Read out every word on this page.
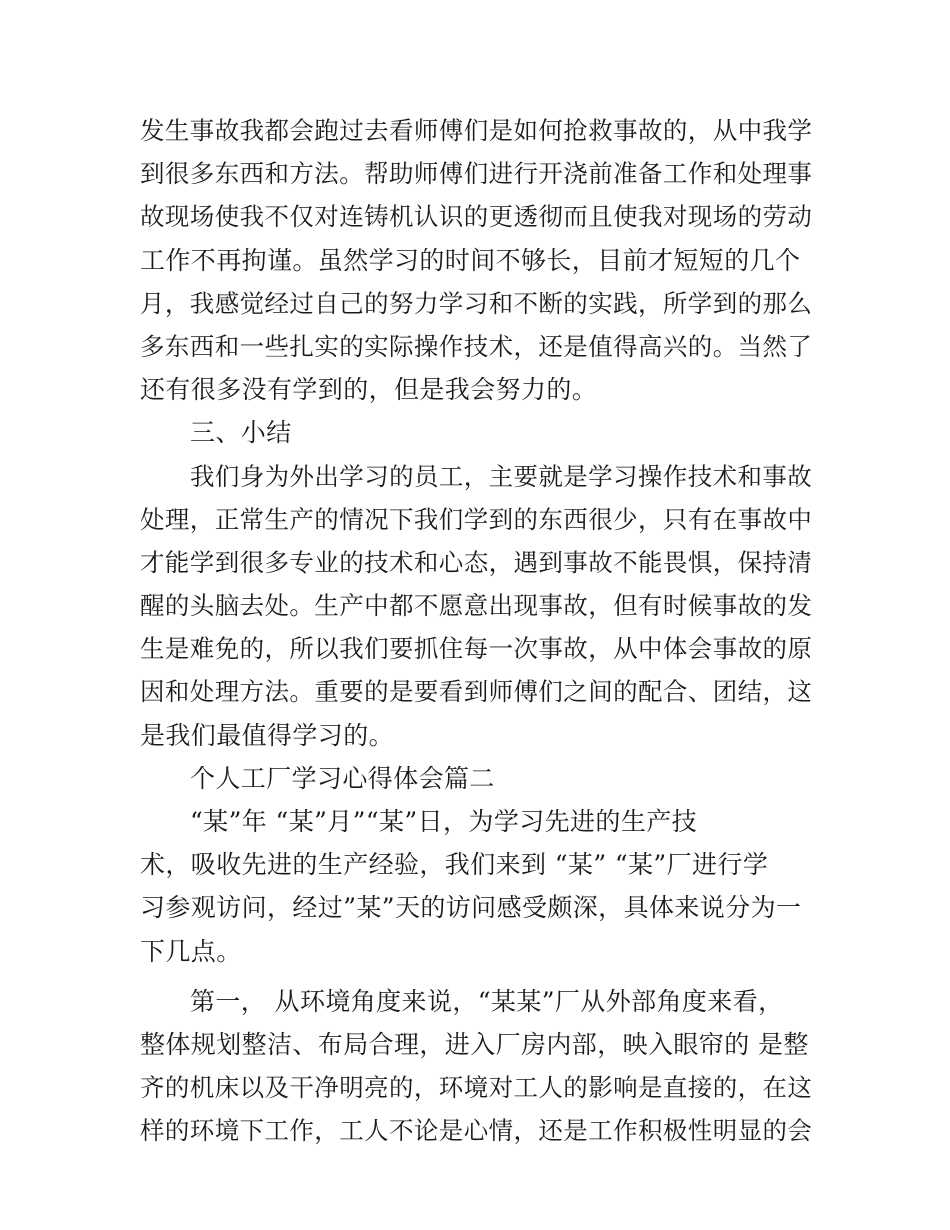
发生事故我都会跑过去看师傅们是如何抢救事故的，从中我学
到很多东西和方法。帮助师傅们进行开浇前准备工作和处理事
故现场使我不仅对连铸机认识的更透彻而且使我对现场的劳动
工作不再拘谨。虽然学习的时间不够长，目前才短短的几个
月，我感觉经过自己的努力学习和不断的实践，所学到的那么
多东西和一些扎实的实际操作技术，还是值得高兴的。当然了
还有很多没有学到的，但是我会努力的。
三、小结
我们身为外出学习的员工，主要就是学习操作技术和事故
处理，正常生产的情况下我们学到的东西很少，只有在事故中
才能学到很多专业的技术和心态，遇到事故不能畏惧，保持清
醒的头脑去处。生产中都不愿意出现事故，但有时候事故的发
生是难免的，所以我们要抓住每一次事故，从中体会事故的原
因和处理方法。重要的是要看到师傅们之间的配合、团结，这
是我们最值得学习的。
个人工厂学习心得体会篇二
“某”年 “某”月”“某”日，为学习先进的生产技
术，吸收先进的生产经验，我们来到 “某” “某”厂进行学
习参观访问，经过”某”天的访问感受颇深，具体来说分为一
下几点。
第一， 从环境角度来说，“某某”厂从外部角度来看，
整体规划整洁、布局合理，进入厂房内部，映入眼帘的 是整
齐的机床以及干净明亮的，环境对工人的影响是直接的，在这
样的环境下工作，工人不论是心情，还是工作积极性明显的会
